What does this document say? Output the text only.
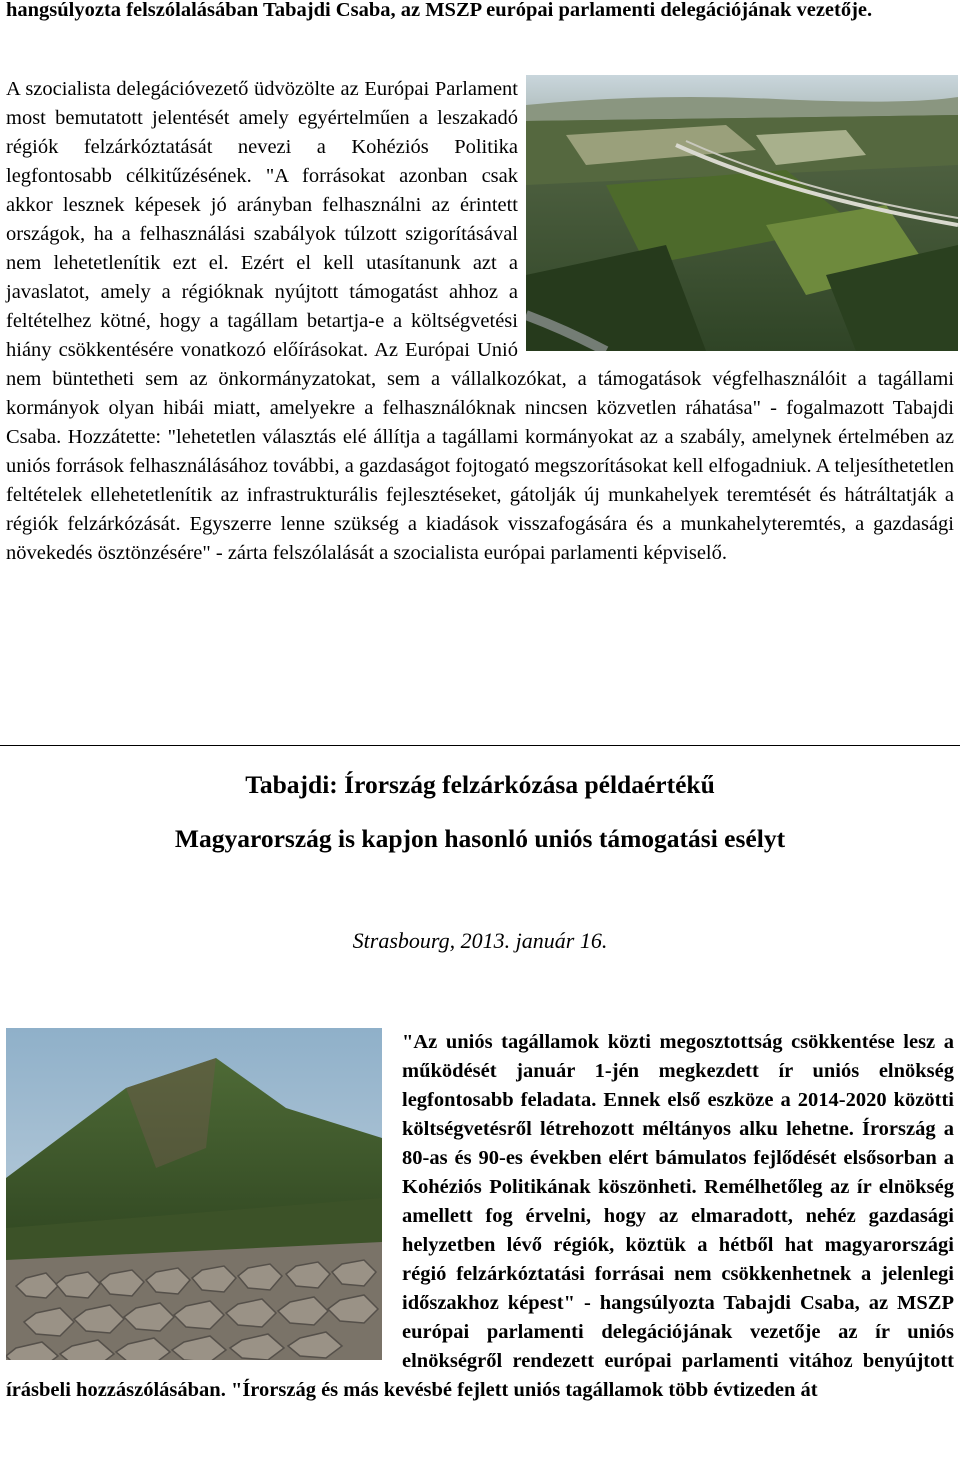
hangsúlyozta felszólalásában Tabajdi Csaba, az MSZP európai parlamenti delegációjának vezetője.
A szocialista delegációvezető üdvözölte az Európai Parlament most bemutatott jelentését amely egyértelműen a leszakadó régiók felzárkóztatását nevezi a Kohéziós Politika legfontosabb célkitűzésének. "A forrásokat azonban csak akkor lesznek képesek jó arányban felhasználni az érintett országok, ha a felhasználási szabályok túlzott szigorításával nem lehetetlenítik ezt el. Ezért el kell utasítanunk azt a javaslatot, amely a régióknak nyújtott támogatást ahhoz a feltételhez kötné, hogy a tagállam betartja-e a költségvetési hiány csökkentésére vonatkozó előírásokat. Az Európai Unió nem büntetheti sem az önkormányzatokat, sem a vállalkozókat, a támogatások végfelhasználóit a tagállami kormányok olyan hibái miatt, amelyekre a felhasználóknak nincsen közvetlen ráhatása" - fogalmazott Tabajdi Csaba. Hozzátette: "lehetetlen választás elé állítja a tagállami kormányokat az a szabály, amelynek értelmében az uniós források felhasználásához további, a gazdaságot fojtogató megszorításokat kell elfogadniuk. A teljesíthetetlen feltételek ellehetetlenítik az infrastrukturális fejlesztéseket, gátolják új munkahelyek teremtését és hátráltatják a régiók felzárkózását. Egyszerre lenne szükség a kiadások visszafogására és a munkahelyteremtés, a gazdasági növekedés ösztönzésére" - zárta felszólalását a szocialista európai parlamenti képviselő.
Tabajdi: Írország felzárkózása példaértékű
Magyarország is kapjon hasonló uniós támogatási esélyt
Strasbourg, 2013. január 16.
"Az uniós tagállamok közti megosztottság csökkentése lesz a működését január 1-jén megkezdett ír uniós elnökség legfontosabb feladata. Ennek első eszköze a 2014-2020 közötti költségvetésről létrehozott méltányos alku lehetne. Írország a 80-as és 90-es években elért bámulatos fejlődését elsősorban a Kohéziós Politikának köszönheti. Remélhetőleg az ír elnökség amellett fog érvelni, hogy az elmaradott, nehéz gazdasági helyzetben lévő régiók, köztük a hétből hat magyarországi régió felzárkóztatási forrásai nem csökkenhetnek a jelenlegi időszakhoz képest" - hangsúlyozta Tabajdi Csaba, az MSZP európai parlamenti delegációjának vezetője az ír uniós elnökségről rendezett európai parlamenti vitához benyújtott írásbeli hozzászólásában. "Írország és más kevésbé fejlett uniós tagállamok több évtizeden át
